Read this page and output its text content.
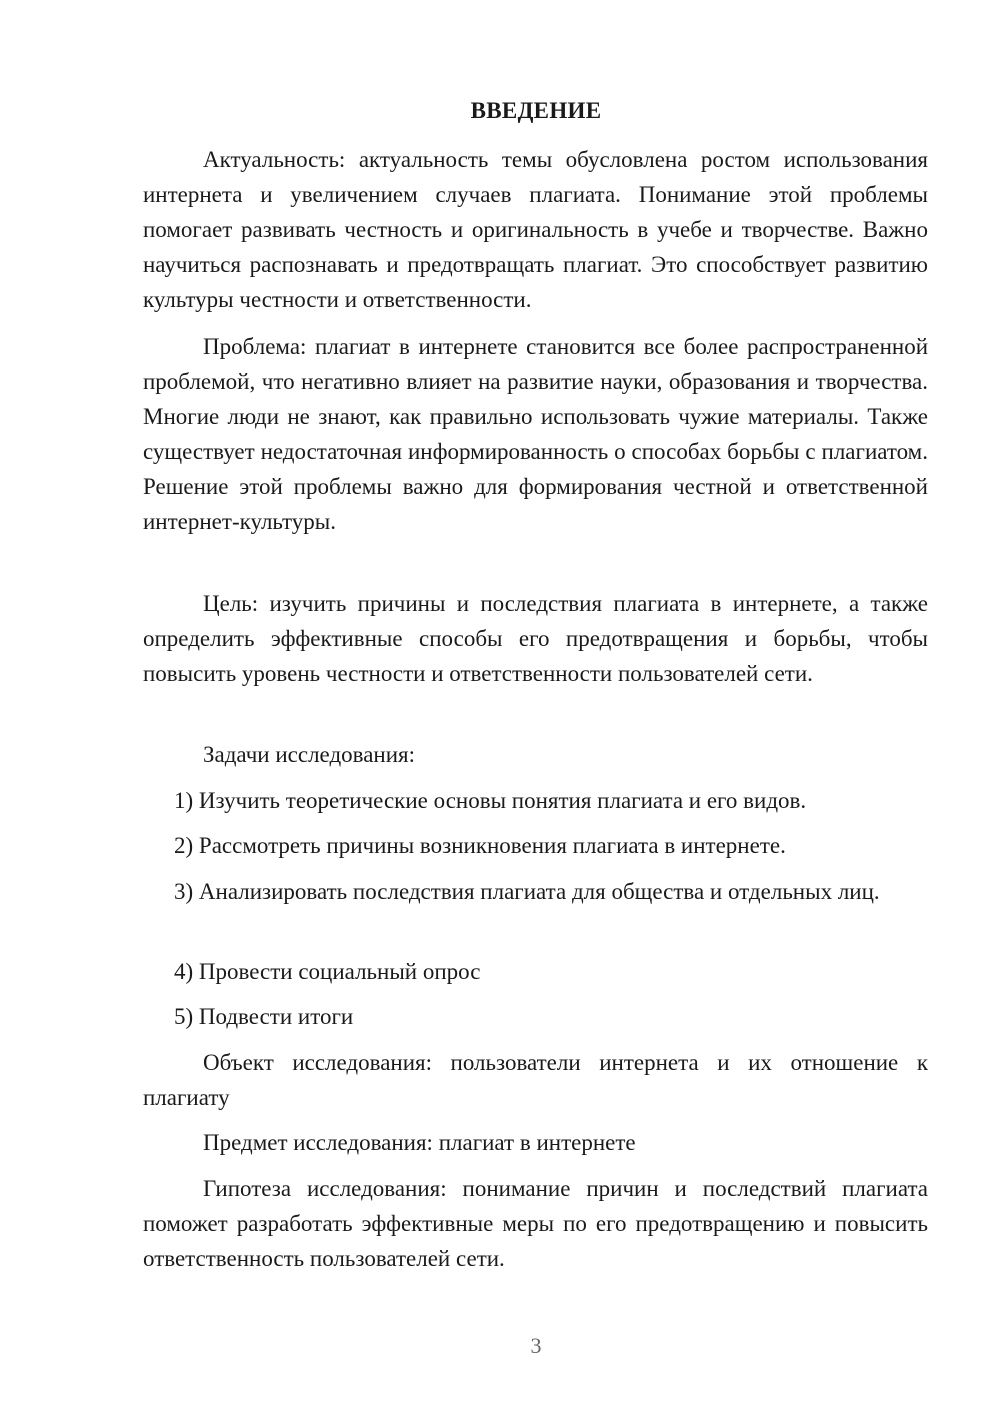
ВВЕДЕНИЕ

Актуальность: актуальность темы обусловлена ростом использования интернета и увеличением случаев плагиата. Понимание этой проблемы помогает развивать честность и оригинальность в учебе и творчестве. Важно научиться распознавать и предотвращать плагиат. Это способствует развитию культуры честности и ответственности.

Проблема: плагиат в интернете становится все более распространенной проблемой, что негативно влияет на развитие науки, образования и творчества. Многие люди не знают, как правильно использовать чужие материалы. Также существует недостаточная информированность о способах борьбы с плагиатом. Решение этой проблемы важно для формирования честной и ответственной интернет-культуры.

Цель: изучить причины и последствия плагиата в интернете, а также определить эффективные способы его предотвращения и борьбы, чтобы повысить уровень честности и ответственности пользователей сети.

Задачи исследования:

1) Изучить теоретические основы понятия плагиата и его видов.

2) Рассмотреть причины возникновения плагиата в интернете.

3) Анализировать последствия плагиата для общества и отдельных лиц.

4) Провести социальный опрос

5) Подвести итоги

Объект исследования: пользователи интернета и их отношение к плагиату

Предмет исследования: плагиат в интернете

Гипотеза исследования: понимание причин и последствий плагиата поможет разработать эффективные меры по его предотвращению и повысить ответственность пользователей сети.

3
